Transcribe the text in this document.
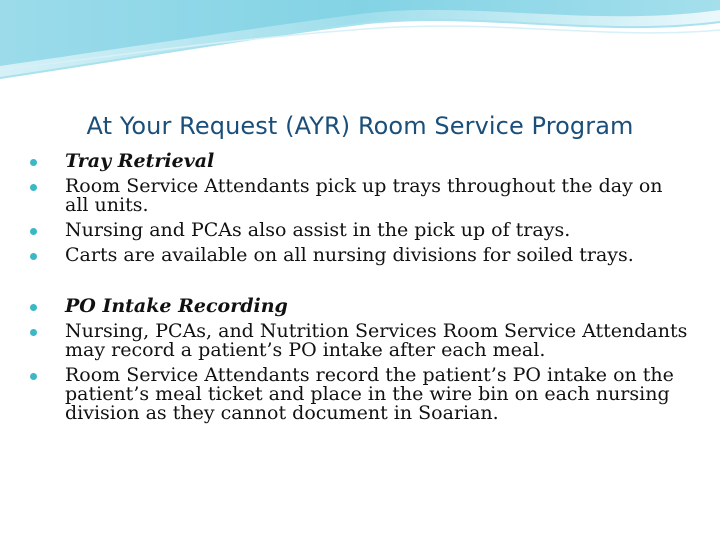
At Your Request (AYR) Room Service Program
Tray Retrieval
Room Service Attendants pick up trays throughout the day on all units.
Nursing and PCAs also assist in the pick up of trays.
Carts are available on all nursing divisions for soiled trays.
PO Intake Recording
Nursing, PCAs, and Nutrition Services Room Service Attendants may record a patient’s PO intake after each meal.
Room Service Attendants record the patient’s PO intake on the patient’s meal ticket and place in the wire bin on each nursing division as they cannot document in Soarian.
